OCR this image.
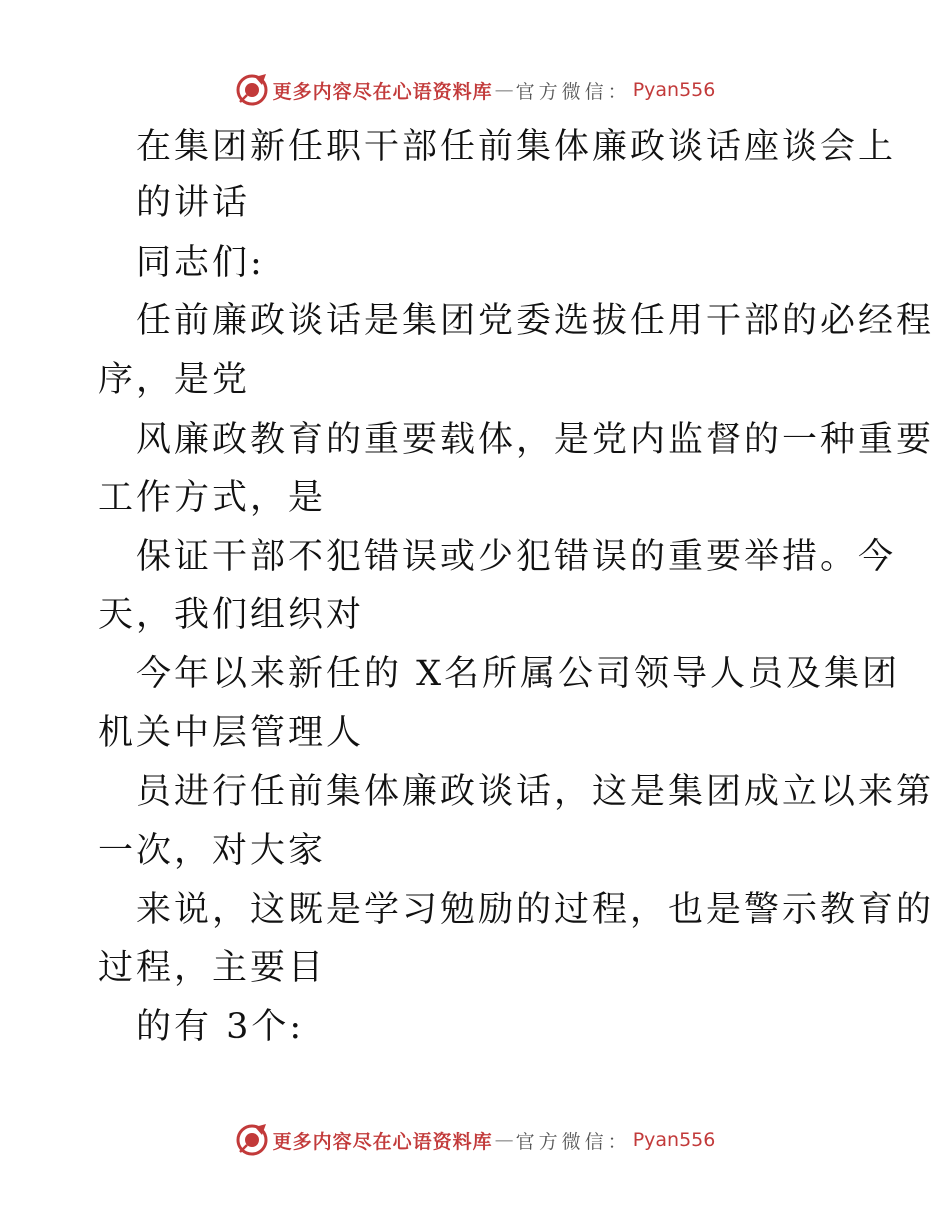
更多内容尽在心语资料库 — 官方微信： Pyan556
在集团新任职干部任前集体廉政谈话座谈会上
的讲话
同志们:
任前廉政谈话是集团党委选拔任用干部的必经程
序，是党
风廉政教育的重要载体，是党内监督的一种重要
工作方式，是
保证干部不犯错误或少犯错误的重要举措。今
天，我们组织对
今年以来新任的 X名所属公司领导人员及集团
机关中层管理人
员进行任前集体廉政谈话，这是集团成立以来第
一次，对大家
来说，这既是学习勉励的过程，也是警示教育的
过程，主要目
的有 3个:
更多内容尽在心语资料库 — 官方微信： Pyan556
